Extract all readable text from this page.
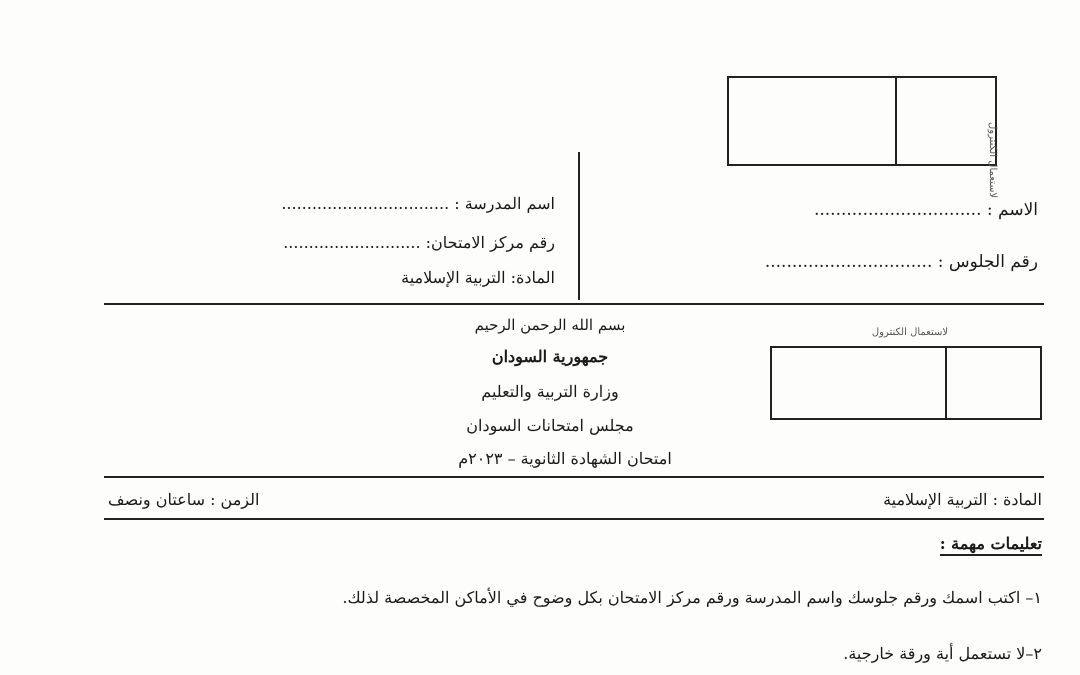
لاستعمال الكنترول
الاسم : ...............................
رقم الجلوس : ...............................
اسم المدرسة : .................................
رقم مركز الامتحان: ...........................
المادة: التربية الإسلامية
بسم الله الرحمن الرحيم
جمهورية السودان
وزارة التربية والتعليم
مجلس امتحانات السودان
امتحان الشهادة الثانوية – ٢٠٢٣م
لاستعمال الكنترول
المادة : التربية الإسلامية
الزمن : ساعتان ونصف
تعليمات مهمة :
١– اكتب اسمك ورقم جلوسك واسم المدرسة ورقم مركز الامتحان بكل وضوح في الأماكن المخصصة لذلك.
٢–لا تستعمل أية ورقة خارجية.
